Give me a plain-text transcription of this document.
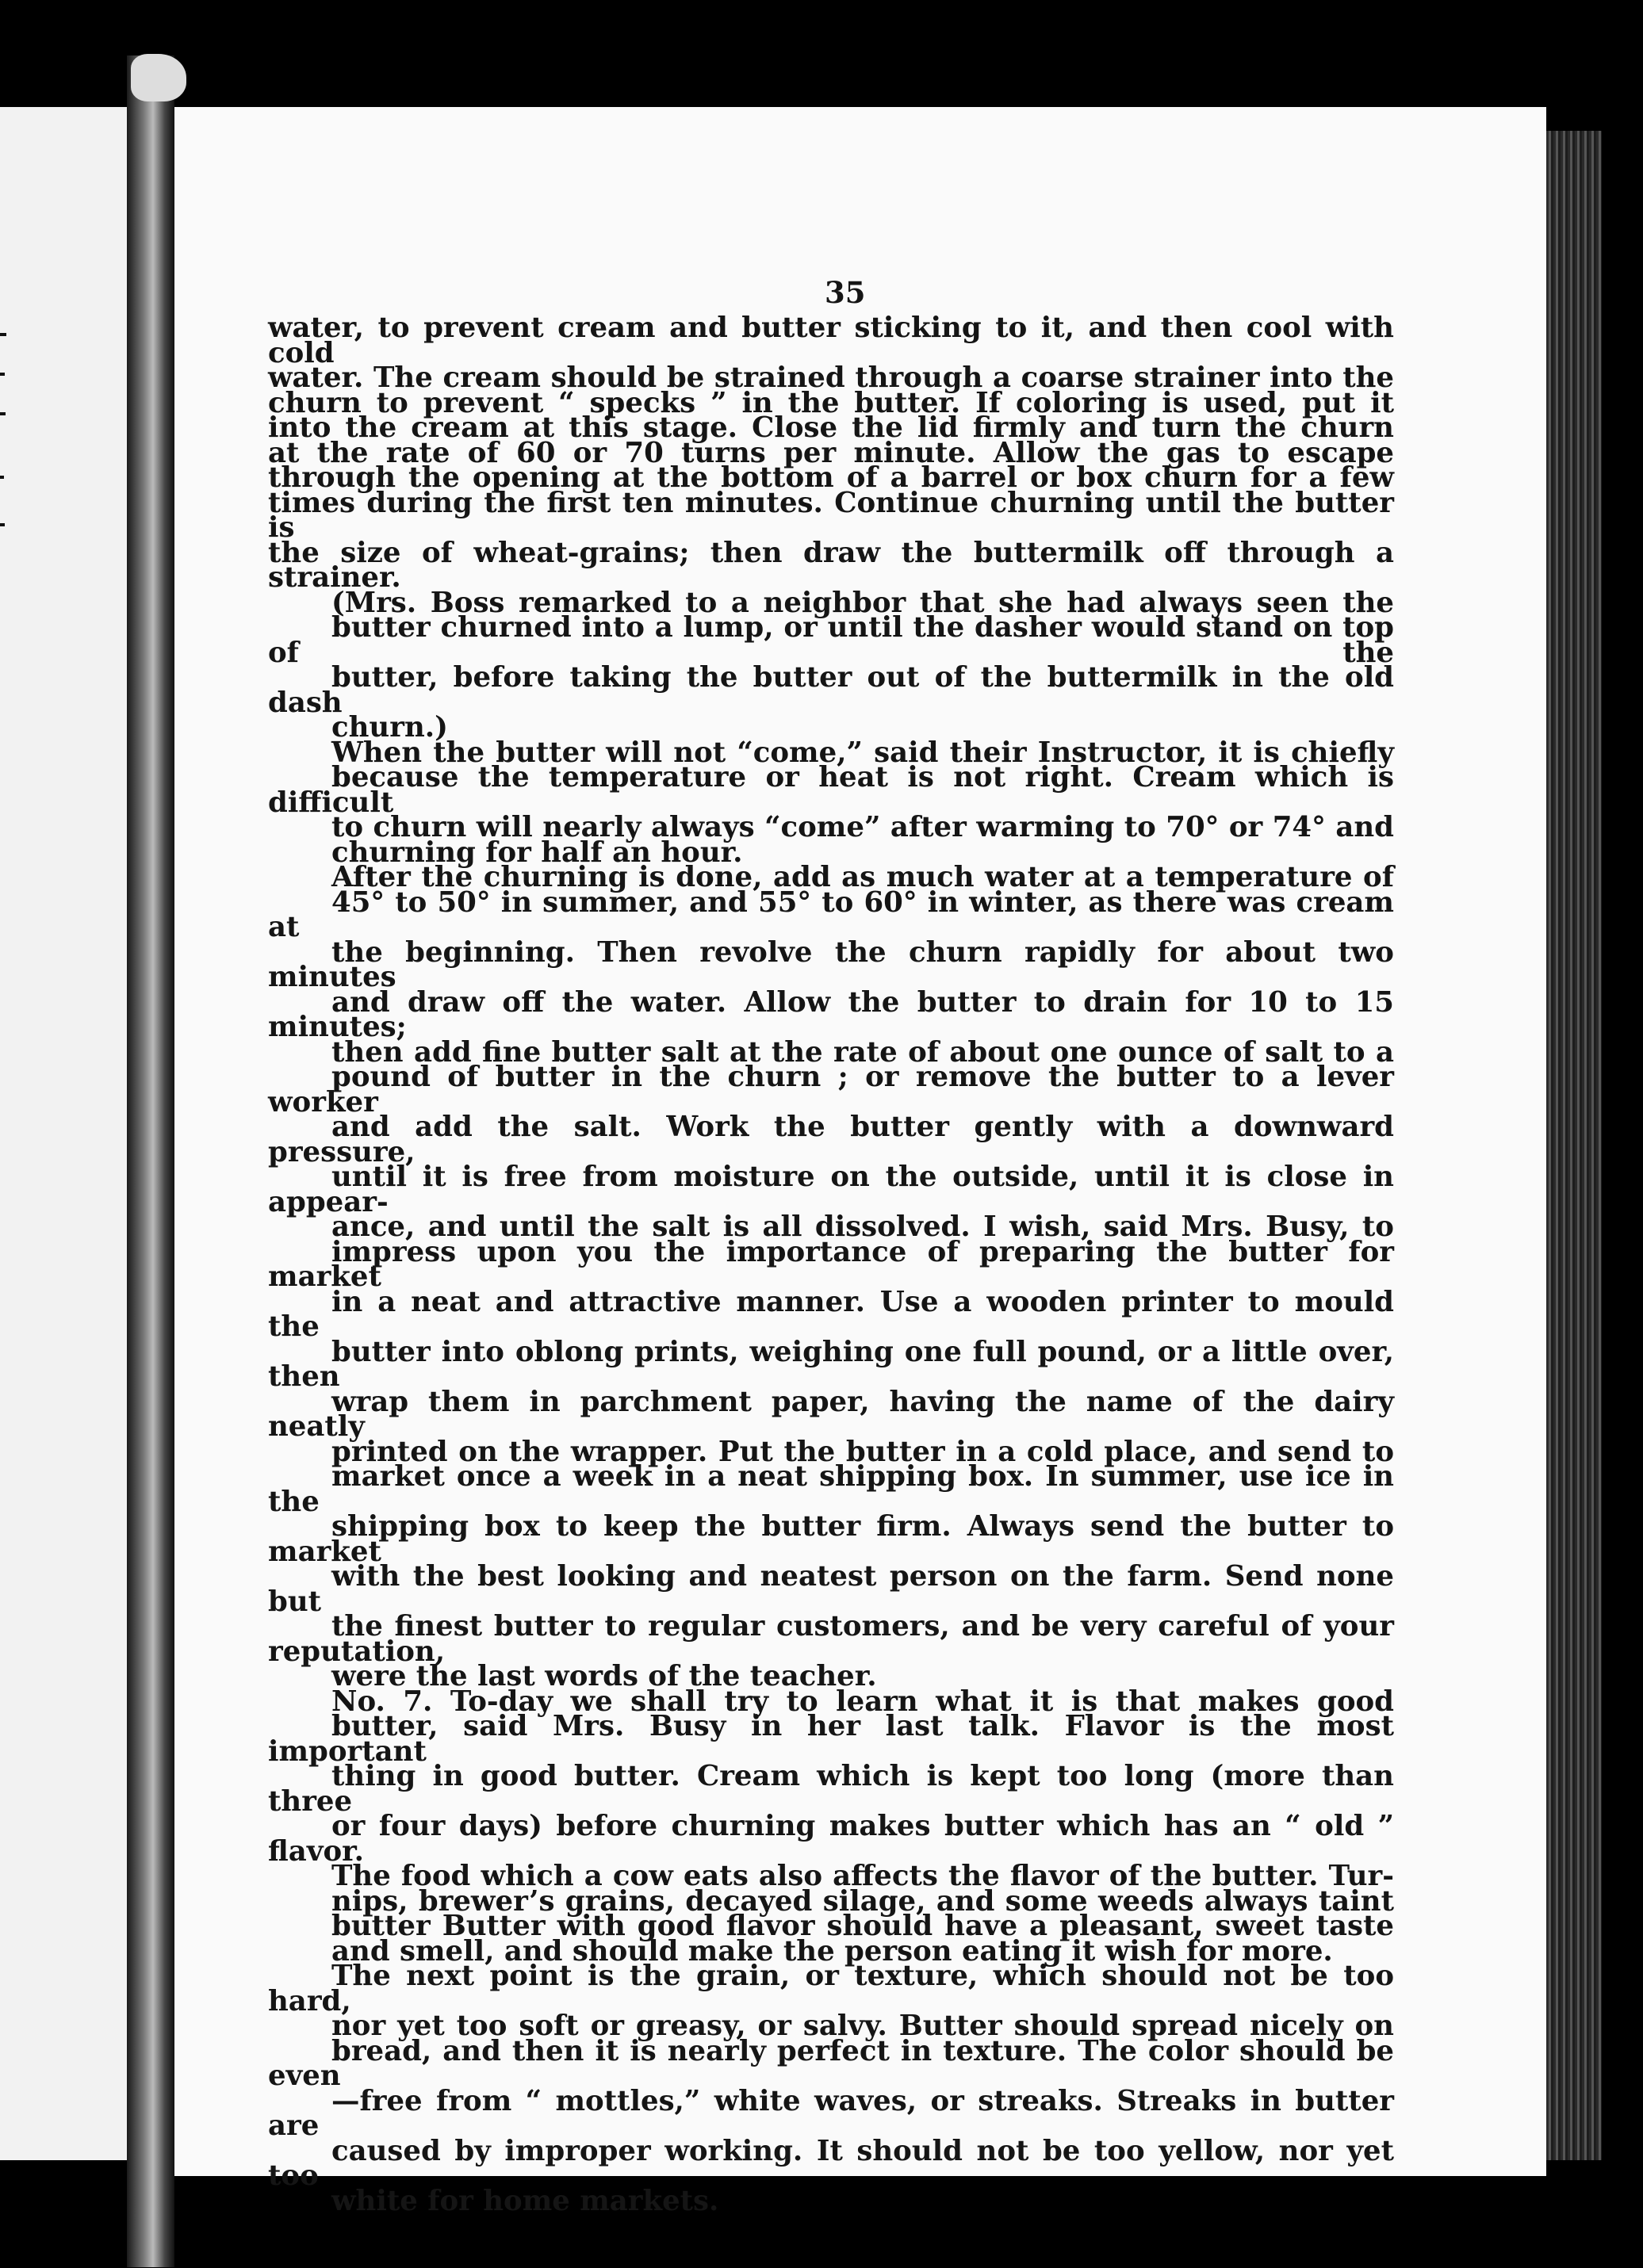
35

water, to prevent cream and butter sticking to it, and then cool with cold
water. The cream should be strained through a coarse strainer into the
churn to prevent “ specks ” in the butter. If coloring is used, put it
into the cream at this stage. Close the lid firmly and turn the churn
at the rate of 60 or 70 turns per minute. Allow the gas to escape
through the opening at the bottom of a barrel or box churn for a few
times during the first ten minutes. Continue churning until the butter is
the size of wheat-grains; then draw the buttermilk off through a strainer.

(Mrs. Boss remarked to a neighbor that she had always seen the
butter churned into a lump, or until the dasher would stand on top of the
butter, before taking the butter out of the buttermilk in the old dash
churn.)

When the butter will not “come,” said their Instructor, it is chiefly
because the temperature or heat is not right. Cream which is difficult
to churn will nearly always “come” after warming to 70° or 74° and
churning for half an hour.

After the churning is done, add as much water at a temperature of
45° to 50° in summer, and 55° to 60° in winter, as there was cream at
the beginning. Then revolve the churn rapidly for about two minutes
and draw off the water. Allow the butter to drain for 10 to 15 minutes;
then add fine butter salt at the rate of about one ounce of salt to a
pound of butter in the churn ; or remove the butter to a lever worker
and add the salt. Work the butter gently with a downward pressure,
until it is free from moisture on the outside, until it is close in appear-
ance, and until the salt is all dissolved. I wish, said Mrs. Busy, to
impress upon you the importance of preparing the butter for market
in a neat and attractive manner. Use a wooden printer to mould the
butter into oblong prints, weighing one full pound, or a little over, then
wrap them in parchment paper, having the name of the dairy neatly
printed on the wrapper. Put the butter in a cold place, and send to
market once a week in a neat shipping box. In summer, use ice in the
shipping box to keep the butter firm. Always send the butter to market
with the best looking and neatest person on the farm. Send none but
the finest butter to regular customers, and be very careful of your reputation,
were the last words of the teacher.

No. 7. To-day we shall try to learn what it is that makes good
butter, said Mrs. Busy in her last talk. Flavor is the most important
thing in good butter. Cream which is kept too long (more than three
or four days) before churning makes butter which has an “ old ” flavor.
The food which a cow eats also affects the flavor of the butter. Tur-
nips, brewer’s grains, decayed silage, and some weeds always taint
butter Butter with good flavor should have a pleasant, sweet taste
and smell, and should make the person eating it wish for more.

The next point is the grain, or texture, which should not be too hard,
nor yet too soft or greasy, or salvy. Butter should spread nicely on
bread, and then it is nearly perfect in texture. The color should be even
—free from “ mottles,” white waves, or streaks. Streaks in butter are
caused by improper working. It should not be too yellow, nor yet too
white for home markets.
